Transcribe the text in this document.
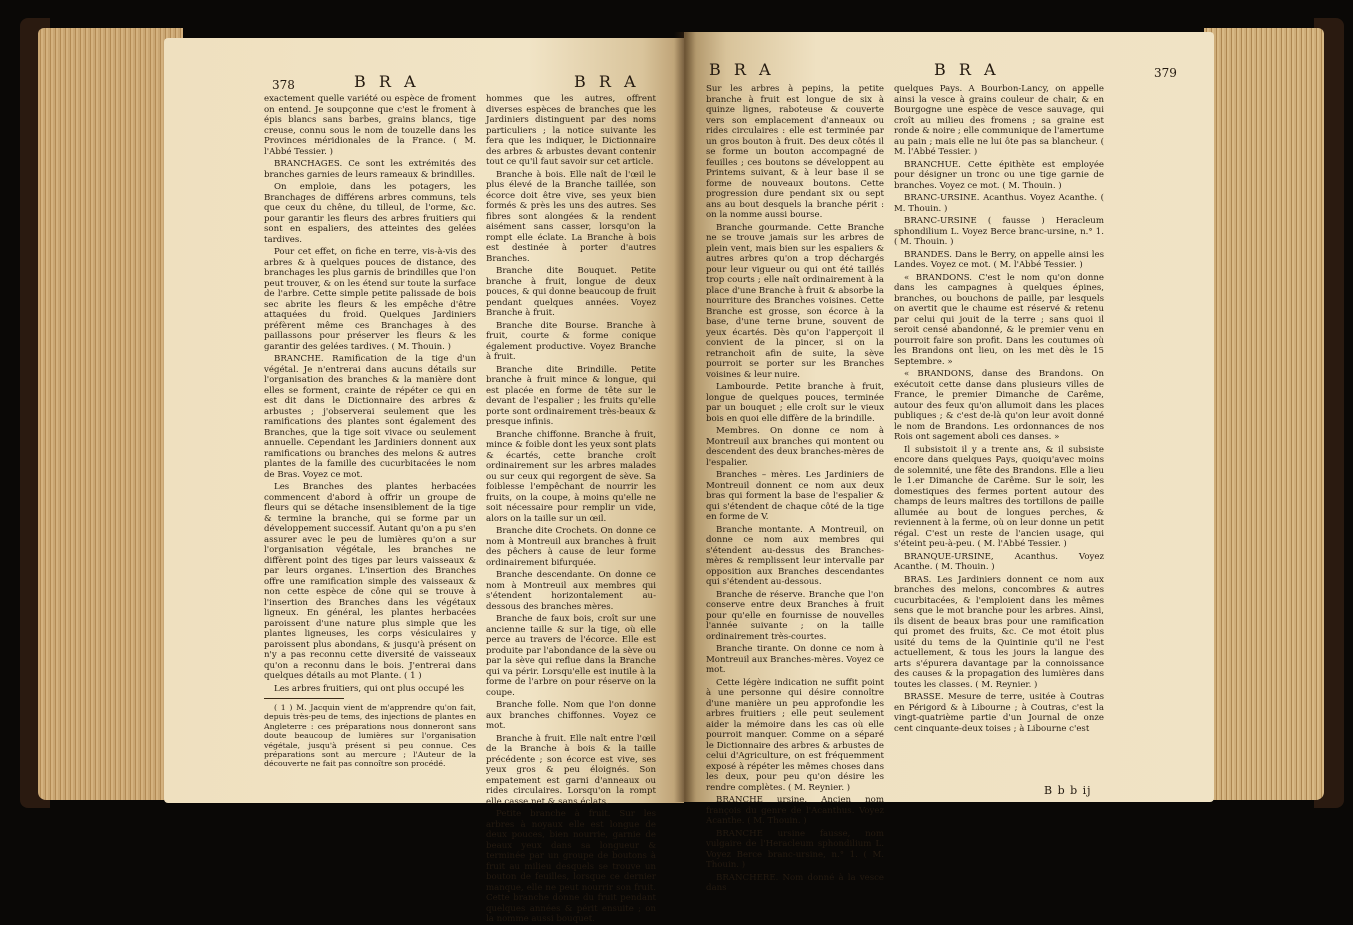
378	B R A	B R A

exactement quelle variété ou espèce de froment on entend. Je soupçonne que c'est le froment à épis blancs sans barbes, grains blancs, tige creuse, connu sous le nom de touzelle dans les Provinces méridionales de la France. ( M. l'Abbé Tessier. )

BRANCHAGES. Ce sont les extrémités des branches garnies de leurs rameaux & brindilles.

On emploie, dans les potagers, les Branchages de différens arbres communs, tels que ceux du chêne, du tilleul, de l'orme, &c. pour garantir les fleurs des arbres fruitiers qui sont en espaliers, des atteintes des gelées tardives.

Pour cet effet, on fiche en terre, vis-à-vis des arbres & à quelques pouces de distance, des branchages les plus garnis de brindilles que l'on peut trouver, & on les étend sur toute la surface de l'arbre. Cette simple petite palissade de bois sec abrite les fleurs & les empêche d'être attaquées du froid. Quelques Jardiniers préfèrent même ces Branchages à des paillassons pour préserver les fleurs & les garantir des gelées tardives. ( M. Thouin. )

BRANCHE. Ramification de la tige d'un végétal. Je n'entrerai dans aucuns détails sur l'organisation des branches & la manière dont elles se forment, crainte de répéter ce qui en est dit dans le Dictionnaire des arbres & arbustes ; j'observerai seulement que les ramifications des plantes sont également des Branches, que la tige soit vivace ou seulement annuelle. Cependant les Jardiniers donnent aux ramifications ou branches des melons & autres plantes de la famille des cucurbitacées le nom de Bras. Voyez ce mot.

Les Branches des plantes herbacées commencent d'abord à offrir un groupe de fleurs qui se détache insensiblement de la tige & termine la branche, qui se forme par un développement successif. Autant qu'on a pu s'en assurer avec le peu de lumières qu'on a sur l'organisation végétale, les branches ne diffèrent point des tiges par leurs vaisseaux & par leurs organes. L'insertion des Branches offre une ramification simple des vaisseaux & non cette espèce de cône qui se trouve à l'insertion des Branches dans les végétaux ligneux. En général, les plantes herbacées paroissent d'une nature plus simple que les plantes ligneuses, les corps vésiculaires y paroissent plus abondans, & jusqu'à présent on n'y a pas reconnu cette diversité de vaisseaux qu'on a reconnu dans le bois. J'entrerai dans quelques détails au mot Plante. ( 1 )

Les arbres fruitiers, qui ont plus occupé les

( 1 ) M. Jacquin vient de m'apprendre qu'on fait, depuis très-peu de tems, des injections de plantes en Angleterre : ces préparations nous donneront sans doute beaucoup de lumières sur l'organisation végétale, jusqu'à présent si peu connue. Ces préparations sont au mercure ; l'Auteur de la découverte ne fait pas connoître son procédé.

hommes que les autres, offrent diverses espèces de branches que les Jardiniers distinguent par des noms particuliers ; la notice suivante les fera que les indiquer, le Dictionnaire des arbres & arbustes devant contenir tout ce qu'il faut savoir sur cet article.

Branche à bois. Elle naît de l'œil le plus élevé de la Branche taillée, son écorce doit être vive, ses yeux bien formés & près les uns des autres. Ses fibres sont alongées & la rendent aisément sans casser, lorsqu'on la rompt elle éclate. La Branche à bois est destinée à porter d'autres Branches.

Branche dite Bouquet. Petite branche à fruit, longue de deux pouces, & qui donne beaucoup de fruit pendant quelques années. Voyez Branche à fruit.

Branche dite Bourse. Branche à fruit, courte & forme conique également productive. Voyez Branche à fruit.

Branche dite Brindille. Petite branche à fruit mince & longue, qui est placée en forme de tête sur le devant de l'espalier ; les fruits qu'elle porte sont ordinairement très-beaux & presque infinis.

Branche chiffonne. Branche à fruit, mince & foible dont les yeux sont plats & écartés, cette branche croît ordinairement sur les arbres malades ou sur ceux qui regorgent de sève. Sa foiblesse l'empêchant de nourrir les fruits, on la coupe, à moins qu'elle ne soit nécessaire pour remplir un vide, alors on la taille sur un œil.

Branche dite Crochets. On donne ce nom à Montreuil aux branches à fruit des pêchers à cause de leur forme ordinairement bifurquée.

Branche descendante. On donne ce nom à Montreuil aux membres qui s'étendent horizontalement au-dessous des branches mères.

Branche de faux bois, croît sur une ancienne taille & sur la tige, où elle perce au travers de l'écorce. Elle est produite par l'abondance de la sève ou par la sève qui reflue dans la Branche qui va périr. Lorsqu'elle est inutile à la forme de l'arbre on pour réserve on la coupe.

Branche folle. Nom que l'on donne aux branches chiffonnes. Voyez ce mot.

Branche à fruit. Elle naît entre l'œil de la Branche à bois & la taille précédente ; son écorce est vive, ses yeux gros & peu éloignés. Son empatement est garni d'anneaux ou rides circulaires. Lorsqu'on la rompt elle casse net & sans éclats.

Petite branche à fruit. Sur les arbres à noyaux elle est longue de deux pouces, bien nourrie, garnie de beaux yeux dans sa longueur & terminée par un groupe de boutons à fruit au milieu desquels se trouve un bouton de feuilles, lorsque ce dernier manque, elle ne peut nourrir son fruit. Cette branche donne du fruit pendant quelques années & périt ensuite ; on la nomme aussi bouquet.

B R A	B R A	379

Sur les arbres à pepins, la petite branche à fruit est longue de six à quinze lignes, raboteuse & couverte vers son emplacement d'anneaux ou rides circulaires : elle est terminée par un gros bouton à fruit. Des deux côtés il se forme un bouton accompagné de feuilles ; ces boutons se développent au Printems suivant, & à leur base il se forme de nouveaux boutons. Cette progression dure pendant six ou sept ans au bout desquels la branche périt : on la nomme aussi bourse.

Branche gourmande. Cette Branche ne se trouve jamais sur les arbres de plein vent, mais bien sur les espaliers & autres arbres qu'on a trop déchargés pour leur vigueur ou qui ont été taillés trop courts ; elle naît ordinairement à la place d'une Branche à fruit & absorbe la nourriture des Branches voisines. Cette Branche est grosse, son écorce à la base, d'une terne brune, souvent de yeux écartés. Dès qu'on l'apperçoit il convient de la pincer, si on la retranchoit afin de suite, la sève pourroit se porter sur les Branches voisines & leur nuire.

Lambourde. Petite branche à fruit, longue de quelques pouces, terminée par un bouquet ; elle croît sur le vieux bois en quoi elle diffère de la brindille.

Membres. On donne ce nom à Montreuil aux branches qui montent ou descendent des deux branches-mères de l'espalier.

Branches – mères. Les Jardiniers de Montreuil donnent ce nom aux deux bras qui forment la base de l'espalier & qui s'étendent de chaque côté de la tige en forme de V.

Branche montante. A Montreuil, on donne ce nom aux membres qui s'étendent au-dessus des Branches-mères & remplissent leur intervalle par opposition aux Branches descendantes qui s'étendent au-dessous.

Branche de réserve. Branche que l'on conserve entre deux Branches à fruit pour qu'elle en fournisse de nouvelles l'année suivante ; on la taille ordinairement très-courtes.

Branche tirante. On donne ce nom à Montreuil aux Branches-mères. Voyez ce mot.

Cette légère indication ne suffit point à une personne qui désire connoître d'une manière un peu approfondie les arbres fruitiers ; elle peut seulement aider la mémoire dans les cas où elle pourroit manquer. Comme on a séparé le Dictionnaire des arbres & arbustes de celui d'Agriculture, on est fréquemment exposé à répéter les mêmes choses dans les deux, pour peu qu'on désire les rendre complètes. ( M. Reynier. )

BRANCHE ursine. Ancien nom françois du genre de l'Acanthus. Voyez Acanthe. ( M. Thouin. )

BRANCHE ursine fausse, nom vulgaire de l'Heracleum sphondilium L. Voyez Berce branc-ursine, n.° 1. ( M. Thouin. )

BRANCHERE. Nom donné à la vesce dans

quelques Pays. A Bourbon-Lancy, on appelle ainsi la vesce à grains couleur de chair, & en Bourgogne une espèce de vesce sauvage, qui croît au milieu des fromens ; sa graine est ronde & noire ; elle communique de l'amertume au pain ; mais elle ne lui ôte pas sa blancheur. ( M. l'Abbé Tessier. )

BRANCHUE. Cette épithète est employée pour désigner un tronc ou une tige garnie de branches. Voyez ce mot. ( M. Thouin. )

BRANC-URSINE. Acanthus. Voyez Acanthe. ( M. Thouin. )

BRANC-URSINE ( fausse ) Heracleum sphondilium L. Voyez Berce branc-ursine, n.° 1. ( M. Thouin. )

BRANDES. Dans le Berry, on appelle ainsi les Landes. Voyez ce mot. ( M. l'Abbé Tessier. )

« BRANDONS. C'est le nom qu'on donne dans les campagnes à quelques épines, branches, ou bouchons de paille, par lesquels on avertit que le chaume est réservé & retenu par celui qui jouit de la terre ; sans quoi il seroit censé abandonné, & le premier venu en pourroit faire son profit. Dans les coutumes où les Brandons ont lieu, on les met dès le 15 Septembre. »

« BRANDONS, danse des Brandons. On exécutoit cette danse dans plusieurs villes de France, le premier Dimanche de Carême, autour des feux qu'on allumoit dans les places publiques ; & c'est de-là qu'on leur avoit donné le nom de Brandons. Les ordonnances de nos Rois ont sagement aboli ces danses. »

Il subsistoit il y a trente ans, & il subsiste encore dans quelques Pays, quoiqu'avec moins de solemnité, une fête des Brandons. Elle a lieu le 1.er Dimanche de Carême. Sur le soir, les domestiques des fermes portent autour des champs de leurs maîtres des tortillons de paille allumée au bout de longues perches, & reviennent à la ferme, où on leur donne un petit régal. C'est un reste de l'ancien usage, qui s'éteint peu-à-peu. ( M. l'Abbé Tessier. )

BRANQUE-URSINE, Acanthus. Voyez Acanthe. ( M. Thouin. )

BRAS. Les Jardiniers donnent ce nom aux branches des melons, concombres & autres cucurbitacées, & l'emploient dans les mêmes sens que le mot branche pour les arbres. Ainsi, ils disent de beaux bras pour une ramification qui promet des fruits, &c. Ce mot étoit plus usité du tems de la Quintinie qu'il ne l'est actuellement, & tous les jours la langue des arts s'épurera davantage par la connoissance des causes & la propagation des lumières dans toutes les classes. ( M. Reynier. )

BRASSE. Mesure de terre, usitée à Coutras en Périgord & à Libourne ; à Coutras, c'est la vingt-quatrième partie d'un Journal de onze cent cinquante-deux toises ; à Libourne c'est

B b b ij
